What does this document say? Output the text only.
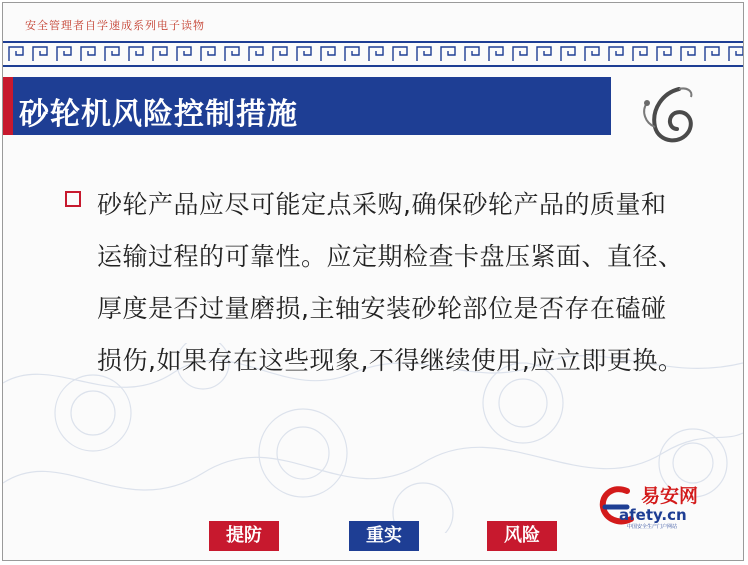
安全管理者自学速成系列电子读物
砂轮机风险控制措施
砂轮产品应尽可能定点采购,确保砂轮产品的质量和运输过程的可靠性。应定期检查卡盘压紧面、直径、厚度是否过量磨损,主轴安装砂轮部位是否存在磕碰损伤,如果存在这些现象,不得继续使用,应立即更换。
易安网
afety.cn
中国安全生产门户网站
提防	重实	风险
